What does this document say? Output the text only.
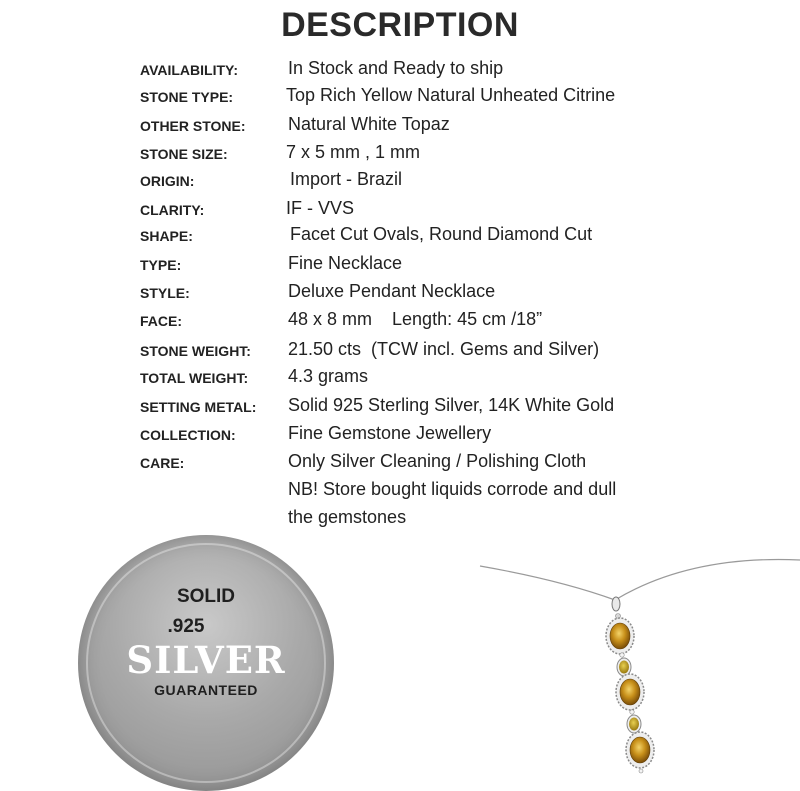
DESCRIPTION
AVAILABILITY:	In Stock and Ready to ship
STONE TYPE:	Top Rich Yellow Natural Unheated Citrine
OTHER STONE: Natural White Topaz
STONE SIZE:	7 x 5 mm , 1 mm
ORIGIN:	Import - Brazil
CLARITY:	IF - VVS
SHAPE:	Facet Cut Ovals, Round Diamond Cut
TYPE:	Fine Necklace
STYLE:	Deluxe Pendant Necklace
FACE:	48 x 8 mm    Length: 45 cm /18”
STONE WEIGHT: 21.50 cts  (TCW incl. Gems and Silver)
TOTAL WEIGHT: 4.3 grams
SETTING METAL: Solid 925 Sterling Silver, 14K White Gold
COLLECTION:	Fine Gemstone Jewellery
CARE:	Only Silver Cleaning / Polishing Cloth
NB! Store bought liquids corrode and dull
the gemstones
SOLID
.925
SILVER
GUARANTEED
